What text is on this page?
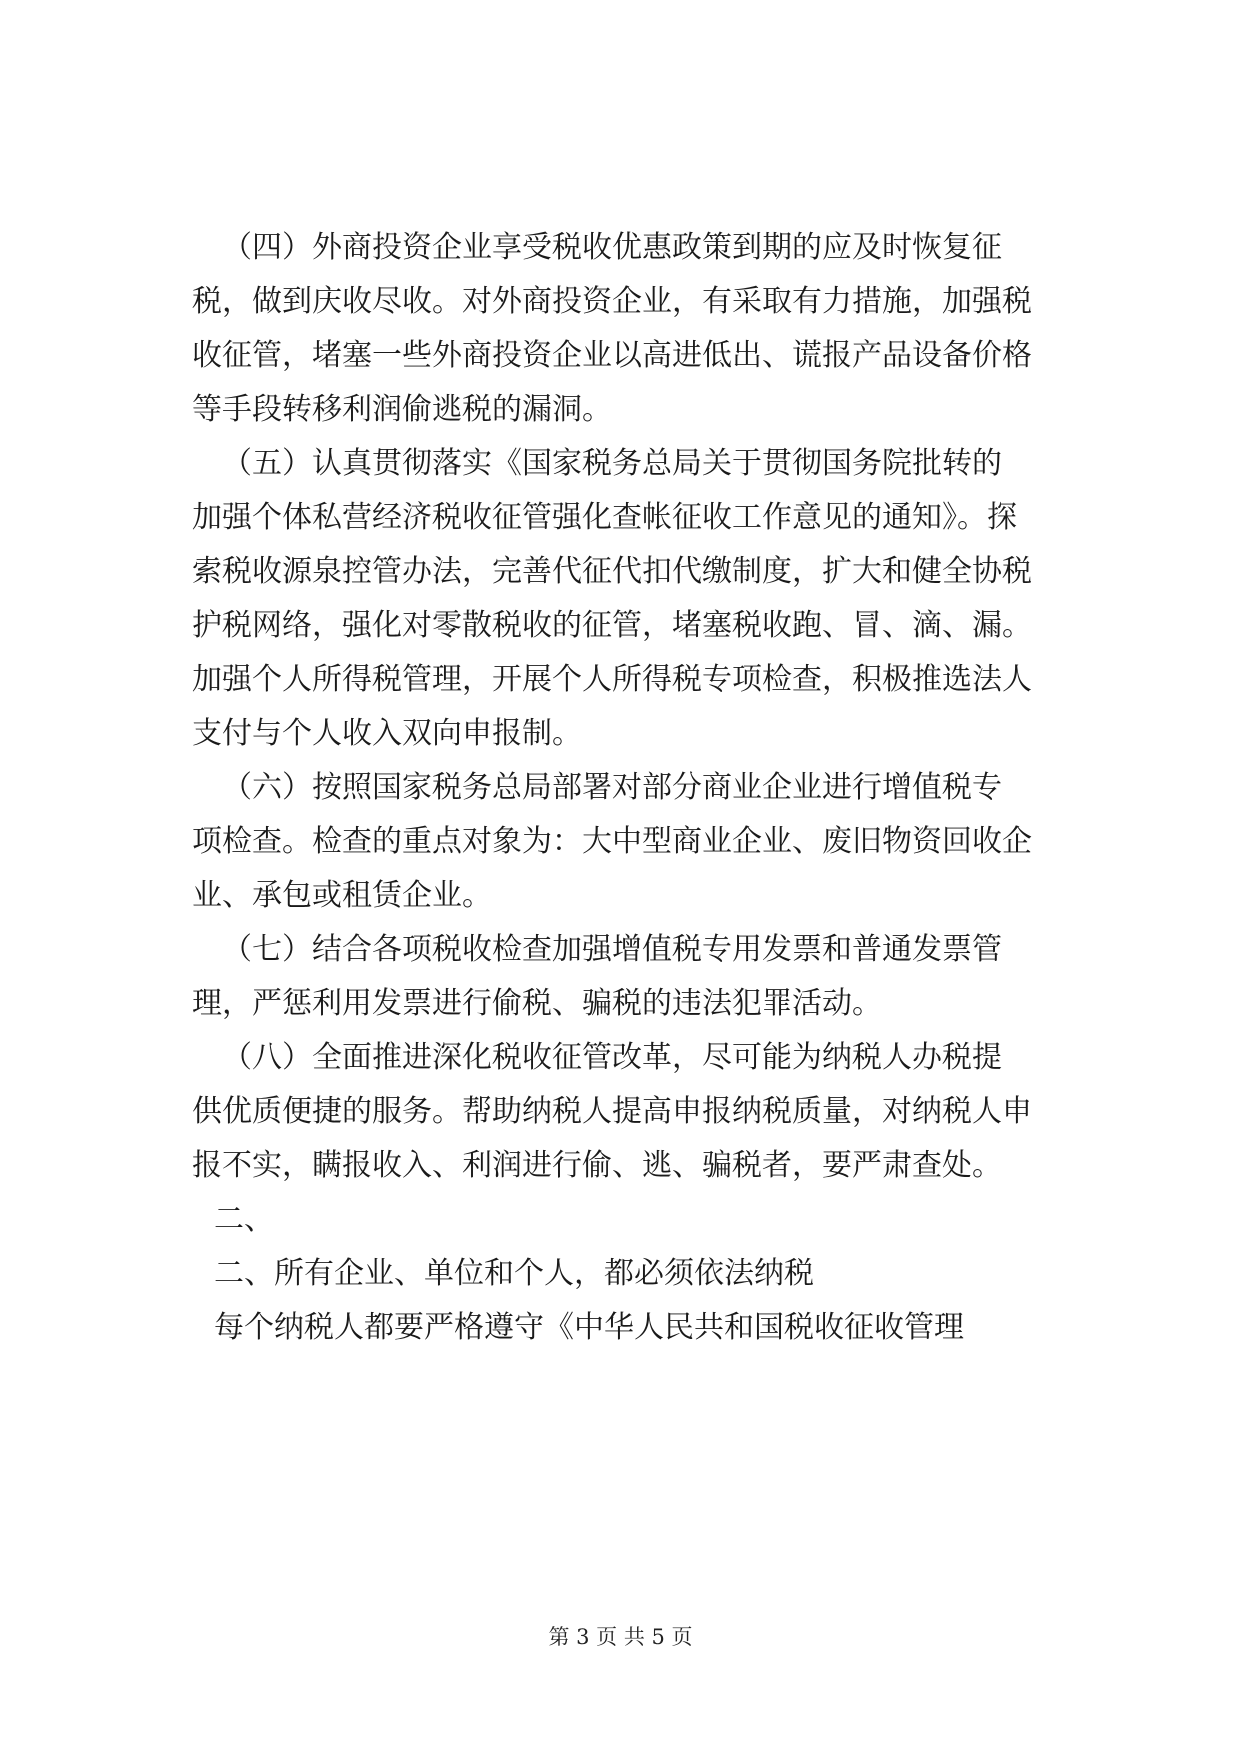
（四）外商投资企业享受税收优惠政策到期的应及时恢复征
税，做到庆收尽收。对外商投资企业，有采取有力措施，加强税
收征管，堵塞一些外商投资企业以高进低出、谎报产品设备价格
等手段转移利润偷逃税的漏洞。
（五）认真贯彻落实《国家税务总局关于贯彻国务院批转的
加强个体私营经济税收征管强化查帐征收工作意见的通知》。探
索税收源泉控管办法，完善代征代扣代缴制度，扩大和健全协税
护税网络，强化对零散税收的征管，堵塞税收跑、冒、滴、漏。
加强个人所得税管理，开展个人所得税专项检查，积极推选法人
支付与个人收入双向申报制。
（六）按照国家税务总局部署对部分商业企业进行增值税专
项检查。检查的重点对象为：大中型商业企业、废旧物资回收企
业、承包或租赁企业。
（七）结合各项税收检查加强增值税专用发票和普通发票管
理，严惩利用发票进行偷税、骗税的违法犯罪活动。
（八）全面推进深化税收征管改革，尽可能为纳税人办税提
供优质便捷的服务。帮助纳税人提高申报纳税质量，对纳税人申
报不实，瞒报收入、利润进行偷、逃、骗税者，要严肃查处。
二、
二、所有企业、单位和个人，都必须依法纳税
每个纳税人都要严格遵守《中华人民共和国税收征收管理
第 3 页 共 5 页
